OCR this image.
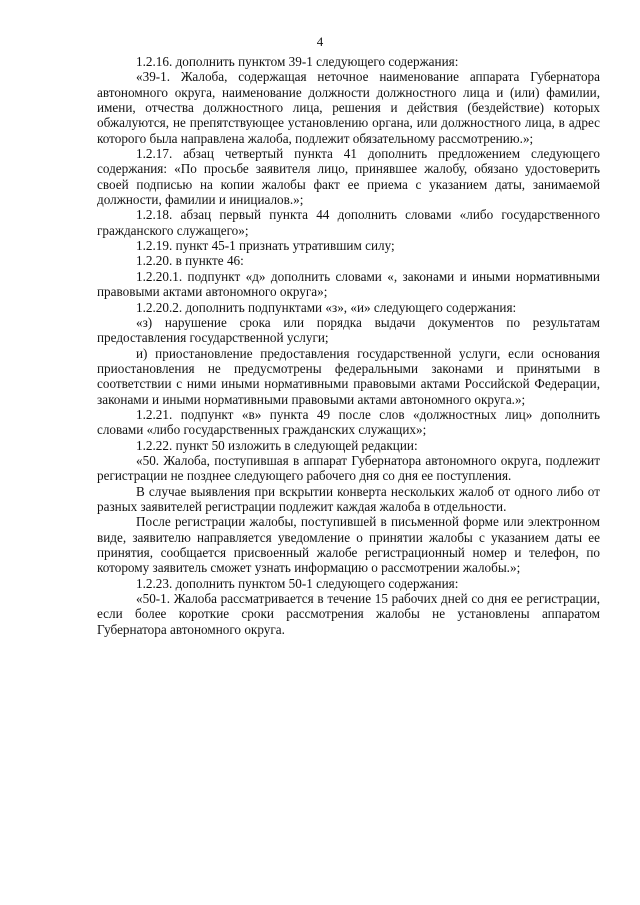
4

1.2.16. дополнить пунктом 39-1 следующего содержания:

«39-1. Жалоба, содержащая неточное наименование аппарата Губернатора автономного округа, наименование должности должностного лица и (или) фамилии, имени, отчества должностного лица, решения и действия (бездействие) которых обжалуются, не препятствующее установлению органа, или должностного лица, в адрес которого была направлена жалоба, подлежит обязательному рассмотрению.»;

1.2.17. абзац четвертый пункта 41 дополнить предложением следующего содержания: «По просьбе заявителя лицо, принявшее жалобу, обязано удостоверить своей подписью на копии жалобы факт ее приема с указанием даты, занимаемой должности, фамилии и инициалов.»;

1.2.18. абзац первый пункта 44 дополнить словами «либо государственного гражданского служащего»;

1.2.19. пункт 45-1 признать утратившим силу;

1.2.20. в пункте 46:

1.2.20.1. подпункт «д» дополнить словами «, законами и иными нормативными правовыми актами автономного округа»;

1.2.20.2. дополнить подпунктами «з», «и» следующего содержания:

«з) нарушение срока или порядка выдачи документов по результатам предоставления государственной услуги;

и) приостановление предоставления государственной услуги, если основания приостановления не предусмотрены федеральными законами и принятыми в соответствии с ними иными нормативными правовыми актами Российской Федерации, законами и иными нормативными правовыми актами автономного округа.»;

1.2.21. подпункт «в» пункта 49 после слов «должностных лиц» дополнить словами «либо государственных гражданских служащих»;

1.2.22. пункт 50 изложить в следующей редакции:

«50. Жалоба, поступившая в аппарат Губернатора автономного округа, подлежит регистрации не позднее следующего рабочего дня со дня ее поступления.

В случае выявления при вскрытии конверта нескольких жалоб от одного либо от разных заявителей регистрации подлежит каждая жалоба в отдельности.

После регистрации жалобы, поступившей в письменной форме или электронном виде, заявителю направляется уведомление о принятии жалобы с указанием даты ее принятия, сообщается присвоенный жалобе регистрационный номер и телефон, по которому заявитель сможет узнать информацию о рассмотрении жалобы.»;

1.2.23. дополнить пунктом 50-1 следующего содержания:

«50-1. Жалоба рассматривается в течение 15 рабочих дней со дня ее регистрации, если более короткие сроки рассмотрения жалобы не установлены аппаратом Губернатора автономного округа.
